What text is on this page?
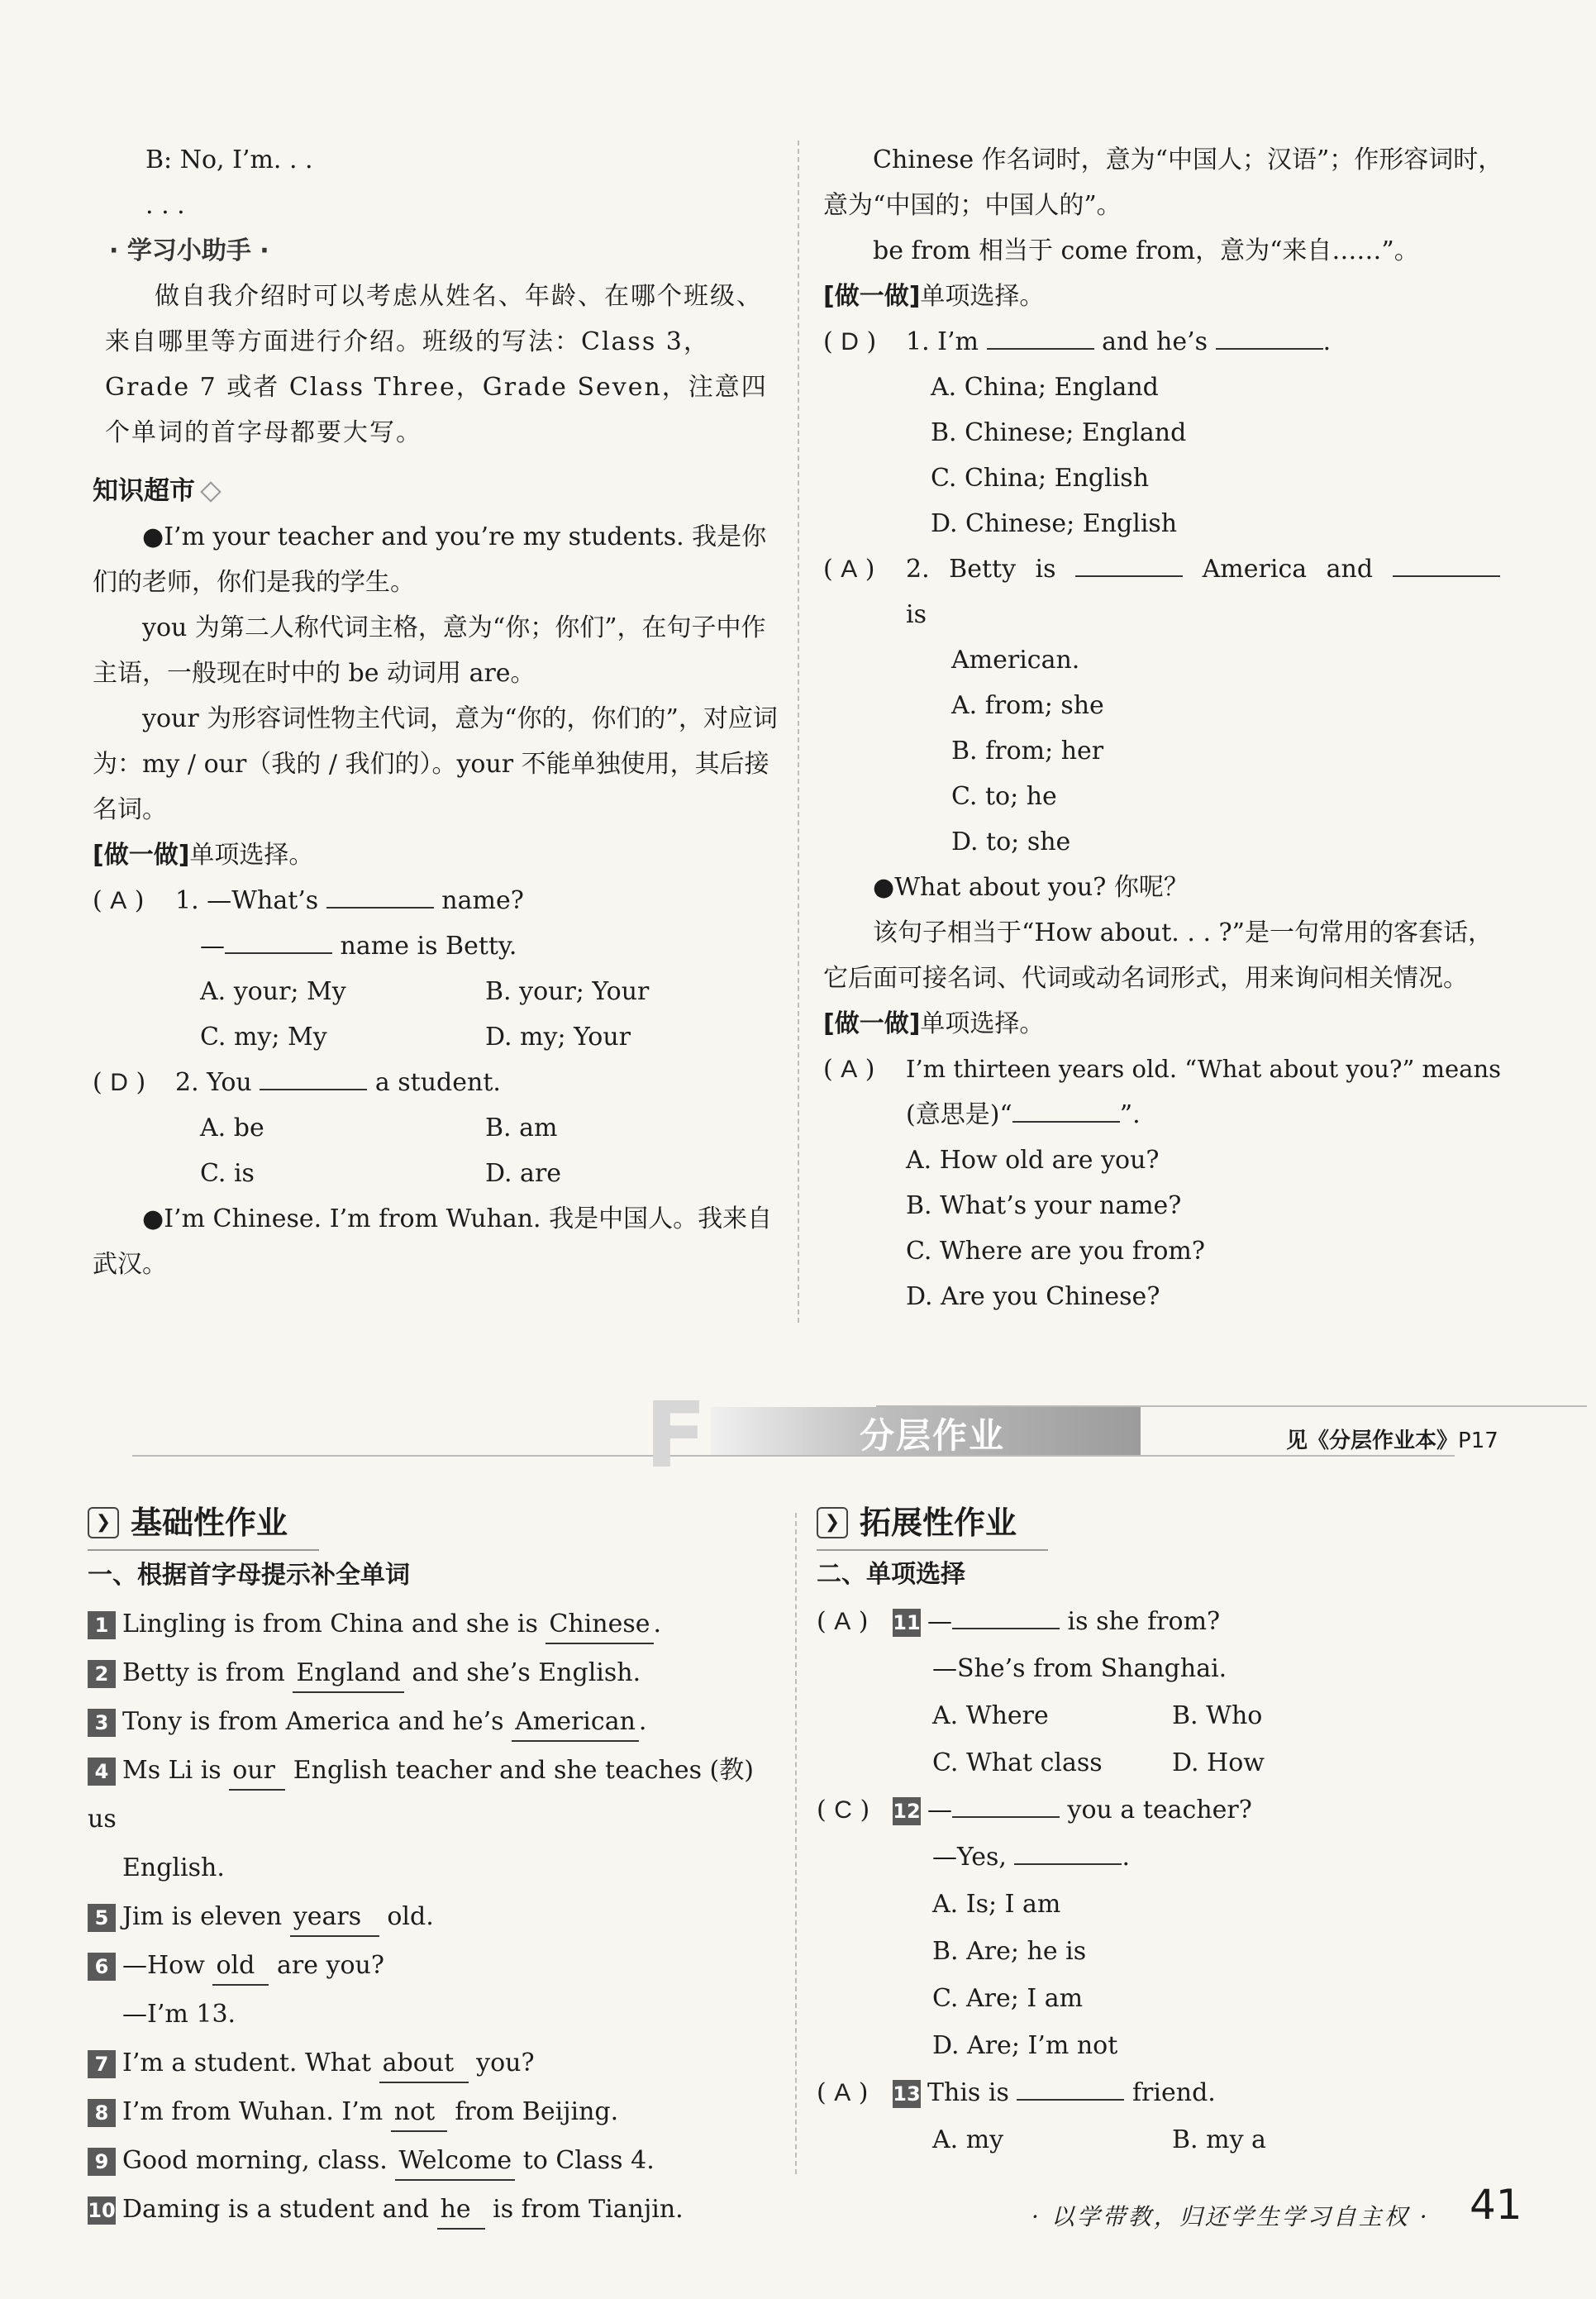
B: No, I’m. . .

. . .

· 学习小助手 ·

做自我介绍时可以考虑从姓名、年龄、在哪个班级、来自哪里等方面进行介绍。班级的写法：Class 3，Grade 7 或者 Class Three，Grade Seven，注意四个单词的首字母都要大写。

知识超市

●I’m your teacher and you’re my students. 我是你们的老师，你们是我的学生。

you 为第二人称代词主格，意为“你；你们”，在句子中作主语，一般现在时中的 be 动词用 are。

your 为形容词性物主代词，意为“你的，你们的”，对应词为：my / our（我的 / 我们的）。your 不能单独使用，其后接名词。

[做一做]单项选择。

( A )	1. —What’s	name?

—	name is Betty.

A. your; My	B. your; Your
C. my; My	D. my; Your
( D )	2. You	a student.
A. be	B. am
C. is	D. are

●I’m Chinese. I’m from Wuhan. 我是中国人。我来自武汉。

Chinese 作名词时，意为“中国人；汉语”；作形容词时，意为“中国的；中国人的”。

be from 相当于 come from，意为“来自……”。

[做一做]单项选择。

( D )	1. I’m	and he’s	.

A. China; England

B. Chinese; England

C. China; English

D. Chinese; English

( A )	2. Betty is	America and  is

American.

A. from; she

B. from; her

C. to; he

D. to; she

●What about you? 你呢？

该句子相当于“How about. . . ?”是一句常用的客套话，它后面可接名词、代词或动名词形式，用来询问相关情况。

[做一做]单项选择。

( A )	I’m thirteen years old. “What about you?” means

(意思是)“	”.

A. How old are you?

B. What’s your name?

C. Where are you from?

D. Are you Chinese?

F	分层作业	见《分层作业本》P17
❯ 基础性作业

一、根据首字母提示补全单词

1 Lingling is from China and she is Chinese .

2 Betty is from England and she’s English.

3 Tony is from America and he’s American .

4 Ms Li is our English teacher and she teaches (教) us

English.

5 Jim is eleven years old.

6 —How old are you?

—I’m 13.

7 I’m a student. What about you?

8 I’m from Wuhan. I’m not from Beijing.

9 Good morning, class. Welcome to Class 4.

10 Daming is a student and he is from Tianjin.

❯ 拓展性作业

二、单项选择

( A )	11 —	is she from?

—She’s from Shanghai.

A. Where	B. Who
C. What class	D. How
( C )	12 —	you a teacher?

—Yes,	.

A. Is; I am

B. Are; he is

C. Are; I am

D. Are; I’m not

( A )	13 This is	friend.
A. my	B. my a
· 以学带教，归还学生学习自主权 · 41
